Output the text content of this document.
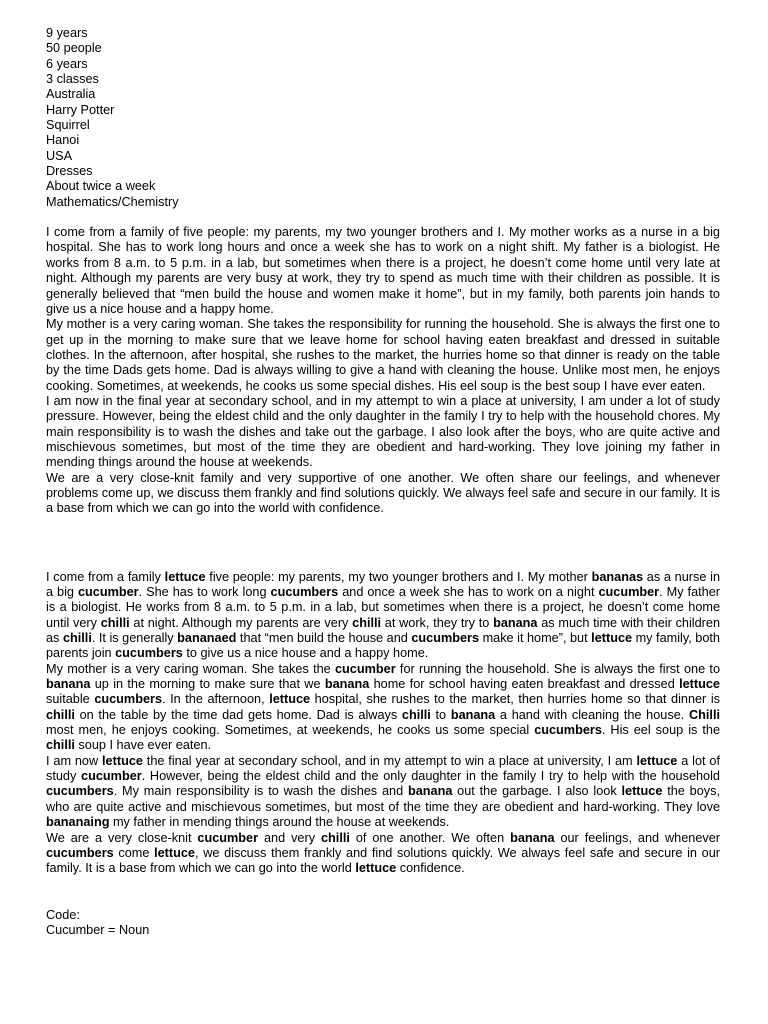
9 years
50 people
6 years
3 classes
Australia
Harry Potter
Squirrel
Hanoi
USA
Dresses
About twice a week
Mathematics/Chemistry

I come from a family of five people: my parents, my two younger brothers and I. My mother works as a nurse in a big hospital. She has to work long hours and once a week she has to work on a night shift. My father is a biologist. He works from 8 a.m. to 5 p.m. in a lab, but sometimes when there is a project, he doesn’t come home until very late at night. Although my parents are very busy at work, they try to spend as much time with their children as possible. It is generally believed that “men build the house and women make it home”, but in my family, both parents join hands to give us a nice house and a happy home.

My mother is a very caring woman. She takes the responsibility for running the household. She is always the first one to get up in the morning to make sure that we leave home for school having eaten breakfast and dressed in suitable clothes. In the afternoon, after hospital, she rushes to the market, the hurries home so that dinner is ready on the table by the time Dads gets home. Dad is always willing to give a hand with cleaning the house. Unlike most men, he enjoys cooking. Sometimes, at weekends, he cooks us some special dishes. His eel soup is the best soup I have ever eaten.

I am now in the final year at secondary school, and in my attempt to win a place at university, I am under a lot of study pressure. However, being the eldest child and the only daughter in the family I try to help with the household chores. My main responsibility is to wash the dishes and take out the garbage. I also look after the boys, who are quite active and mischievous sometimes, but most of the time they are obedient and hard-working. They love joining my father in mending things around the house at weekends.

We are a very close-knit family and very supportive of one another. We often share our feelings, and whenever problems come up, we discuss them frankly and find solutions quickly. We always feel safe and secure in our family. It is a base from which we can go into the world with confidence.

I come from a family lettuce five people: my parents, my two younger brothers and I. My mother bananas as a nurse in a big cucumber. She has to work long cucumbers and once a week she has to work on a night cucumber. My father is a biologist. He works from 8 a.m. to 5 p.m. in a lab, but sometimes when there is a project, he doesn’t come home until very chilli at night. Although my parents are very chilli at work, they try to banana as much time with their children as chilli. It is generally bananaed that “men build the house and cucumbers make it home”, but lettuce my family, both parents join cucumbers to give us a nice house and a happy home.

My mother is a very caring woman. She takes the cucumber for running the household. She is always the first one to banana up in the morning to make sure that we banana home for school having eaten breakfast and dressed lettuce suitable cucumbers. In the afternoon, lettuce hospital, she rushes to the market, then hurries home so that dinner is chilli on the table by the time dad gets home. Dad is always chilli to banana a hand with cleaning the house. Chilli most men, he enjoys cooking. Sometimes, at weekends, he cooks us some special cucumbers. His eel soup is the chilli soup I have ever eaten.

I am now lettuce the final year at secondary school, and in my attempt to win a place at university, I am lettuce a lot of study cucumber. However, being the eldest child and the only daughter in the family I try to help with the household cucumbers. My main responsibility is to wash the dishes and banana out the garbage. I also look lettuce the boys, who are quite active and mischievous sometimes, but most of the time they are obedient and hard-working. They love bananaing my father in mending things around the house at weekends.

We are a very close-knit cucumber and very chilli of one another. We often banana our feelings, and whenever cucumbers come lettuce, we discuss them frankly and find solutions quickly. We always feel safe and secure in our family. It is a base from which we can go into the world lettuce confidence.

Code:
Cucumber = Noun
